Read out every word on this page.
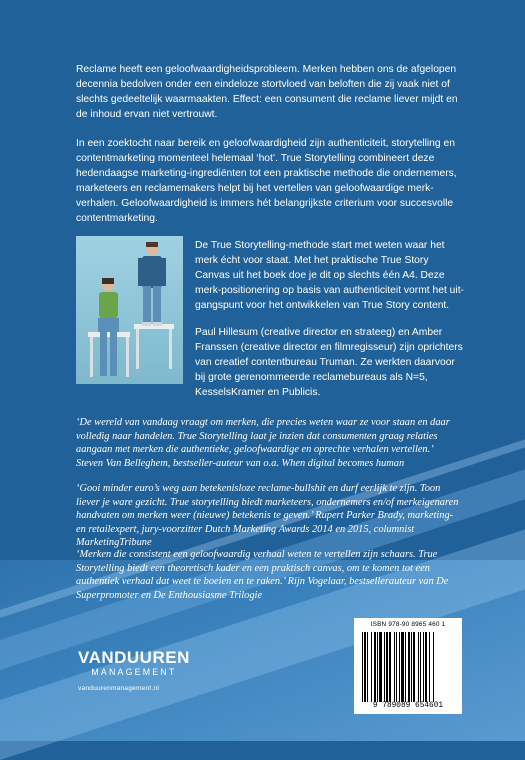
Reclame heeft een geloofwaardigheidsprobleem. Merken hebben ons de afgelopen decennia bedolven onder een eindeloze stortvloed van beloften die zij vaak niet of slechts gedeeltelijk waarmaakten. Effect: een consument die reclame liever mijdt en de inhoud ervan niet vertrouwt.

In een zoektocht naar bereik en geloofwaardigheid zijn authenticiteit, storytelling en contentmarketing momenteel helemaal ‘hot’. True Storytelling combineert deze hedendaagse marketing-ingrediënten tot een praktische methode die ondernemers, marketeers en reclamemakers helpt bij het vertellen van geloofwaardige merk-verhalen. Geloofwaardigheid is immers hét belangrijkste criterium voor succesvolle contentmarketing.

De True Storytelling-methode start met weten waar het merk écht voor staat. Met het praktische True Story Canvas uit het boek doe je dit op slechts één A4. Deze merk-positionering op basis van authenticiteit vormt het uit-gangspunt voor het ontwikkelen van True Story content.

Paul Hillesum (creative director en strateeg) en Amber Franssen (creative director en filmregisseur) zijn oprichters van creatief contentbureau Truman. Ze werkten daarvoor bij grote gerenommeerde reclamebureaus als N=5, KesselsKramer en Publicis.

‘De wereld van vandaag vraagt om merken, die precies weten waar ze voor staan en daar volledig naar handelen. True Storytelling laat je inzien dat consumenten graag relaties aangaan met merken die authentieke, geloofwaardige en oprechte verhalen vertellen.’ Steven Van Belleghem, bestseller-auteur van o.a. When digital becomes human

‘Gooi minder euro’s weg aan betekenisloze reclame-bullshit en durf eerlijk te zijn. Toon liever je ware gezicht. True storytelling biedt marketeers, ondernemers en/of merkeigenaren handvaten om merken weer (nieuwe) betekenis te geven.’ Rupert Parker Brady, marketing- en retailexpert, jury-voorzitter Dutch Marketing Awards 2014 en 2015, columnist MarketingTribune

‘Merken die consistent een geloofwaardig verhaal weten te vertellen zijn schaars. True Storytelling biedt een theoretisch kader en een praktisch canvas, om te komen tot een authentiek verhaal dat weet te boeien en te raken.’ Rijn Vogelaar, bestsellerauteur van De Superpromoter en De Enthousiasme Trilogie

ISBN 978-90 8965 460 1
9 789089 654601
VANDUUREN
MANAGEMENT
vanduurenmanagement.nl
